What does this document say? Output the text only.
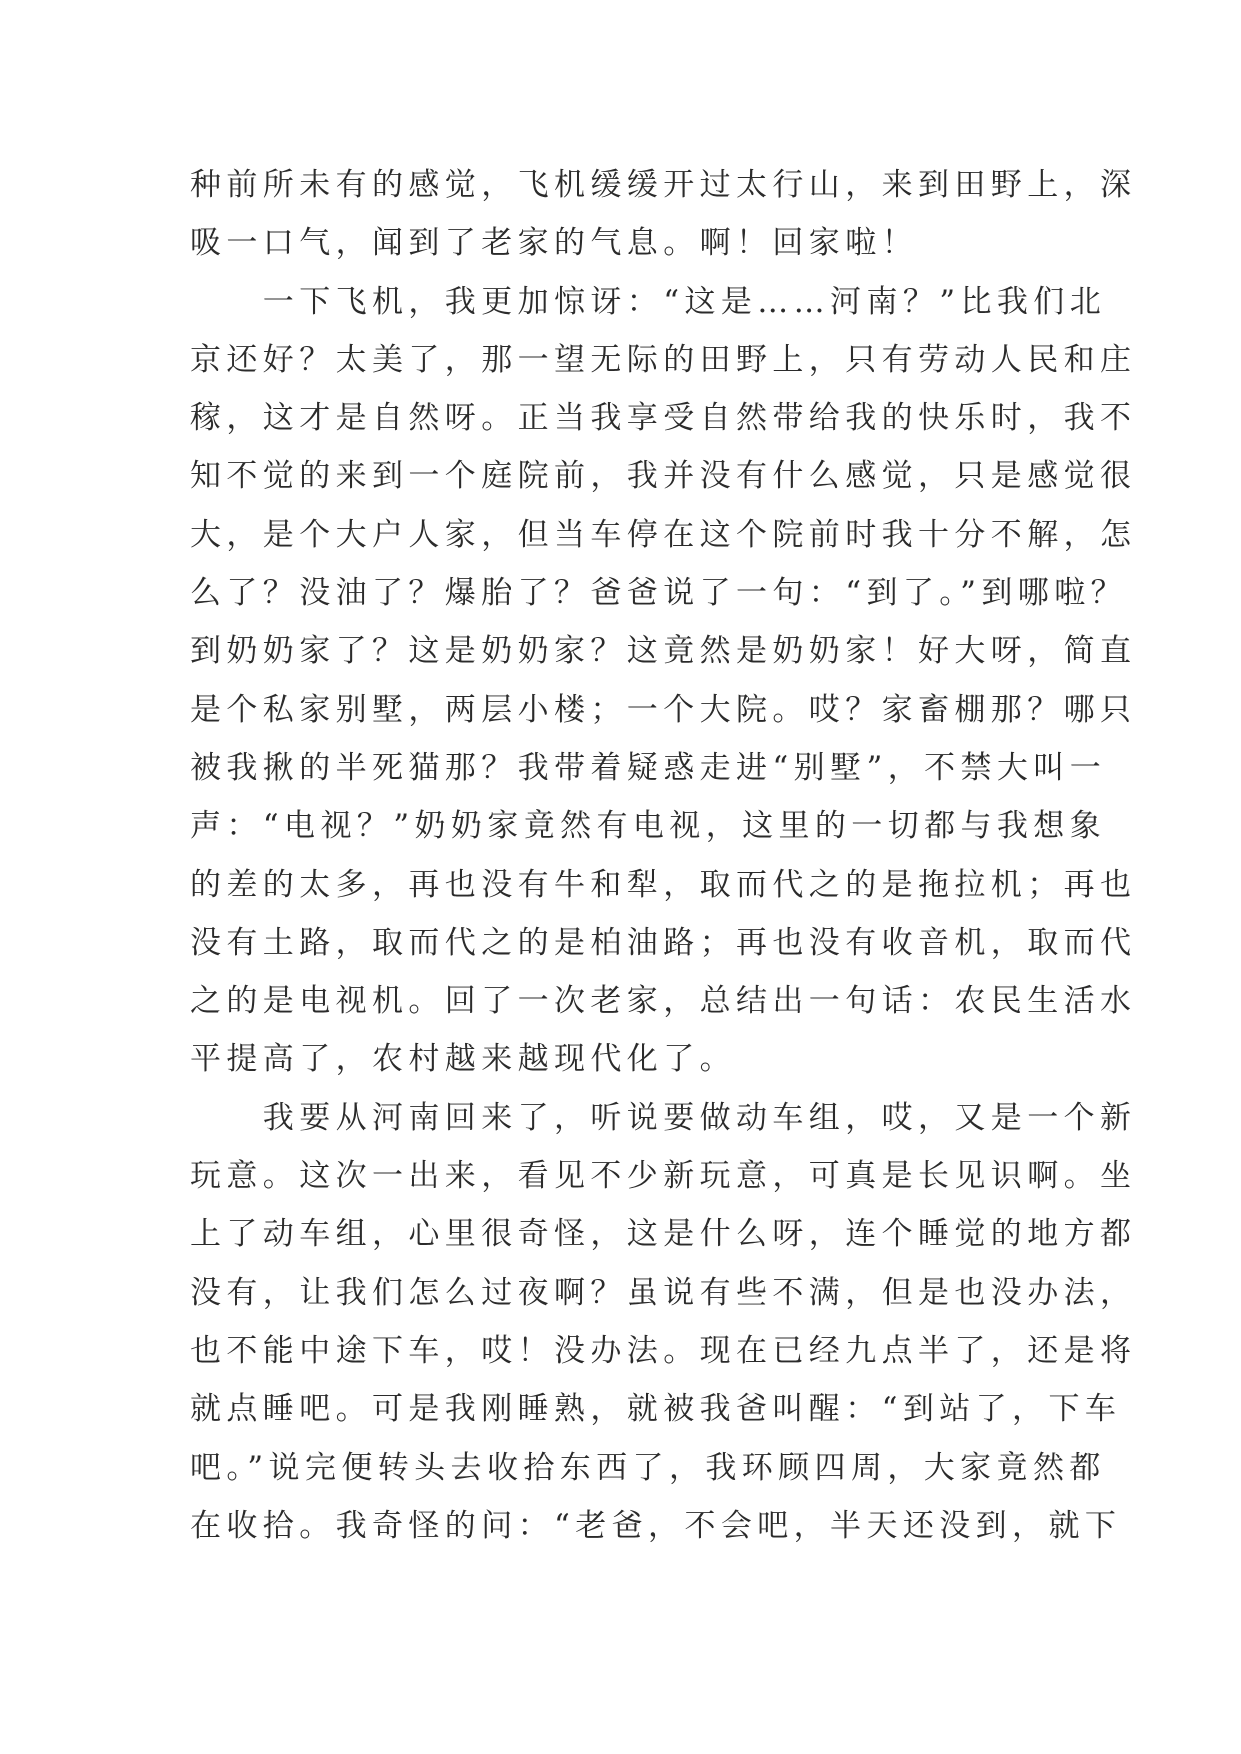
种前所未有的感觉，飞机缓缓开过太行山，来到田野上，深
吸一口气，闻到了老家的气息。啊！回家啦！
　　一下飞机，我更加惊讶：“这是……河南？”比我们北
京还好？太美了，那一望无际的田野上，只有劳动人民和庄
稼，这才是自然呀。正当我享受自然带给我的快乐时，我不
知不觉的来到一个庭院前，我并没有什么感觉，只是感觉很
大，是个大户人家，但当车停在这个院前时我十分不解，怎
么了？没油了？爆胎了？爸爸说了一句：“到了。”到哪啦？
到奶奶家了？这是奶奶家？这竟然是奶奶家！好大呀，简直
是个私家别墅，两层小楼；一个大院。哎？家畜棚那？哪只
被我揪的半死猫那？我带着疑惑走进“别墅”，不禁大叫一
声：“电视？”奶奶家竟然有电视，这里的一切都与我想象
的差的太多，再也没有牛和犁，取而代之的是拖拉机；再也
没有土路，取而代之的是柏油路；再也没有收音机，取而代
之的是电视机。回了一次老家，总结出一句话：农民生活水
平提高了，农村越来越现代化了。
　　我要从河南回来了，听说要做动车组，哎，又是一个新
玩意。这次一出来，看见不少新玩意，可真是长见识啊。坐
上了动车组，心里很奇怪，这是什么呀，连个睡觉的地方都
没有，让我们怎么过夜啊？虽说有些不满，但是也没办法，
也不能中途下车，哎！没办法。现在已经九点半了，还是将
就点睡吧。可是我刚睡熟，就被我爸叫醒：“到站了，下车
吧。”说完便转头去收拾东西了，我环顾四周，大家竟然都
在收拾。我奇怪的问：“老爸，不会吧，半天还没到，就下
